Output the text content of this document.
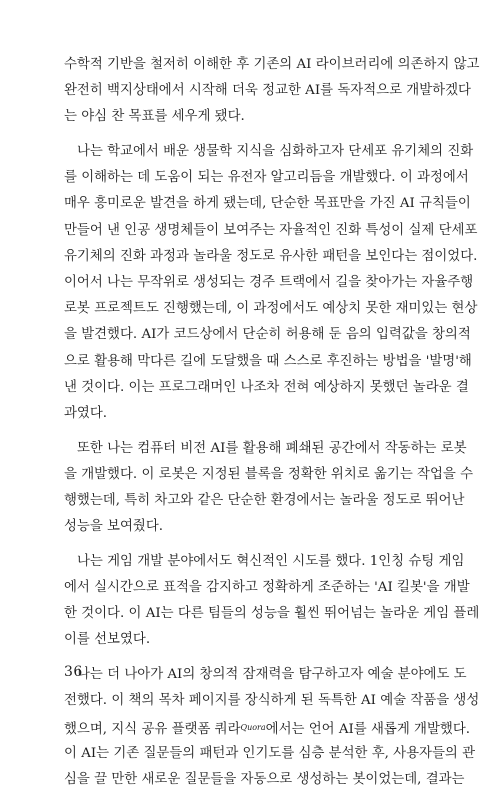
수학적 기반을 철저히 이해한 후 기존의 AI 라이브러리에 의존하지 않고
완전히 백지상태에서 시작해 더욱 정교한 AI를 독자적으로 개발하겠다
는 야심 찬 목표를 세우게 됐다.
나는 학교에서 배운 생물학 지식을 심화하고자 단세포 유기체의 진화
를 이해하는 데 도움이 되는 유전자 알고리듬을 개발했다. 이 과정에서
매우 흥미로운 발견을 하게 됐는데, 단순한 목표만을 가진 AI 규칙들이
만들어 낸 인공 생명체들이 보여주는 자율적인 진화 특성이 실제 단세포
유기체의 진화 과정과 놀라울 정도로 유사한 패턴을 보인다는 점이었다.
이어서 나는 무작위로 생성되는 경주 트랙에서 길을 찾아가는 자율주행
로봇 프로젝트도 진행했는데, 이 과정에서도 예상치 못한 재미있는 현상
을 발견했다. AI가 코드상에서 단순히 허용해 둔 음의 입력값을 창의적
으로 활용해 막다른 길에 도달했을 때 스스로 후진하는 방법을 '발명'해
낸 것이다. 이는 프로그래머인 나조차 전혀 예상하지 못했던 놀라운 결
과였다.
또한 나는 컴퓨터 비전 AI를 활용해 폐쇄된 공간에서 작동하는 로봇
을 개발했다. 이 로봇은 지정된 블록을 정확한 위치로 옮기는 작업을 수
행했는데, 특히 차고와 같은 단순한 환경에서는 놀라울 정도로 뛰어난
성능을 보여줬다.
나는 게임 개발 분야에서도 혁신적인 시도를 했다. 1인칭 슈팅 게임
에서 실시간으로 표적을 감지하고 정확하게 조준하는 'AI 킬봇'을 개발
한 것이다. 이 AI는 다른 팀들의 성능을 훨씬 뛰어넘는 놀라운 게임 플레
이를 선보였다.
나는 더 나아가 AI의 창의적 잠재력을 탐구하고자 예술 분야에도 도
전했다. 이 책의 목차 페이지를 장식하게 된 독특한 AI 예술 작품을 생성
했으며, 지식 공유 플랫폼 쿼라$^{Quora}$에서는 언어 AI를 새롭게 개발했다.
이 AI는 기존 질문들의 패턴과 인기도를 심층 분석한 후, 사용자들의 관
심을 끌 만한 새로운 질문들을 자동으로 생성하는 봇이었는데, 결과는
36
